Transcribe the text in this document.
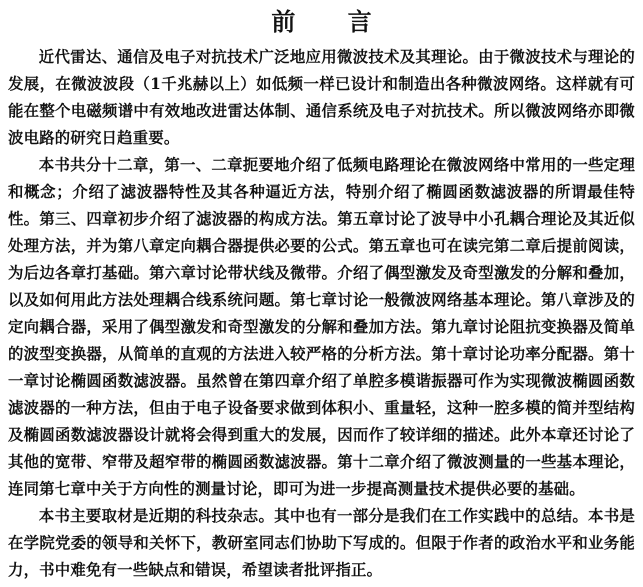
前 言

近代雷达、通信及电子对抗技术广泛地应用微波技术及其理论。由于微波技术与理论的发展，在微波波段（1千兆赫以上）如低频一样已设计和制造出各种微波网络。这样就有可能在整个电磁频谱中有效地改进雷达体制、通信系统及电子对抗技术。所以微波网络亦即微波电路的研究日趋重要。

本书共分十二章，第一、二章扼要地介绍了低频电路理论在微波网络中常用的一些定理和概念；介绍了滤波器特性及其各种逼近方法，特别介绍了椭圆函数滤波器的所谓最佳特性。第三、四章初步介绍了滤波器的构成方法。第五章讨论了波导中小孔耦合理论及其近似处理方法，并为第八章定向耦合器提供必要的公式。第五章也可在读完第二章后提前阅读，为后边各章打基础。第六章讨论带状线及微带。介绍了偶型激发及奇型激发的分解和叠加，以及如何用此方法处理耦合线系统问题。第七章讨论一般微波网络基本理论。第八章涉及的定向耦合器，采用了偶型激发和奇型激发的分解和叠加方法。第九章讨论阻抗变换器及简单的波型变换器，从简单的直观的方法进入较严格的分析方法。第十章讨论功率分配器。第十一章讨论椭圆函数滤波器。虽然曾在第四章介绍了单腔多模谐振器可作为实现微波椭圆函数滤波器的一种方法，但由于电子设备要求做到体积小、重量轻，这种一腔多模的简并型结构及椭圆函数滤波器设计就将会得到重大的发展，因而作了较详细的描述。此外本章还讨论了其他的宽带、窄带及超窄带的椭圆函数滤波器。第十二章介绍了微波测量的一些基本理论，连同第七章中关于方向性的测量讨论，即可为进一步提高测量技术提供必要的基础。

本书主要取材是近期的科技杂志。其中也有一部分是我们在工作实践中的总结。本书是在学院党委的领导和关怀下，教研室同志们协助下写成的。但限于作者的政治水平和业务能力，书中难免有一些缺点和错误，希望读者批评指正。
